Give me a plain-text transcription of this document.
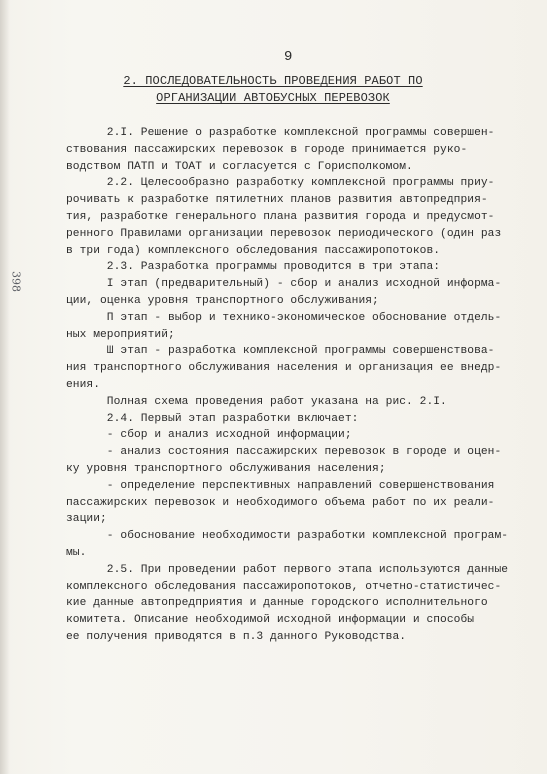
9
398
2. ПОСЛЕДОВАТЕЛЬНОСТЬ ПРОВЕДЕНИЯ РАБОТ ПО
ОРГАНИЗАЦИИ АВТОБУСНЫХ ПЕРЕВОЗОК
2.I. Решение о разработке комплексной программы совершен-
ствования пассажирских перевозок в городе принимается руко-
водством ПАТП и ТОАТ и согласуется с Горисполкомом.
2.2. Целесообразно разработку комплексной программы приу-
рочивать к разработке пятилетних планов развития автопредприя-
тия, разработке генерального плана развития города и предусмот-
ренного Правилами организации перевозок периодического (один раз
в три года) комплексного обследования пассажиропотоков.
2.3. Разработка программы проводится в три этапа:
I этап (предварительный) - сбор и анализ исходной информа-
ции, оценка уровня транспортного обслуживания;
П этап - выбор и технико-экономическое обоснование отдель-
ных мероприятий;
Ш этап - разработка комплексной программы совершенствова-
ния транспортного обслуживания населения и организация ее внедр-
ения.
Полная схема проведения работ указана на рис. 2.I.
2.4. Первый этап разработки включает:
- сбор и анализ исходной информации;
- анализ состояния пассажирских перевозок в городе и оцен-
ку уровня транспортного обслуживания населения;
- определение перспективных направлений совершенствования
пассажирских перевозок и необходимого объема работ по их реали-
зации;
- обоснование необходимости разработки комплексной програм-
мы.
2.5. При проведении работ первого этапа используются данные
комплексного обследования пассажиропотоков, отчетно-статистичес-
кие данные автопредприятия и данные городского исполнительного
комитета. Описание необходимой исходной информации и способы
ее получения приводятся в п.3 данного Руководства.
